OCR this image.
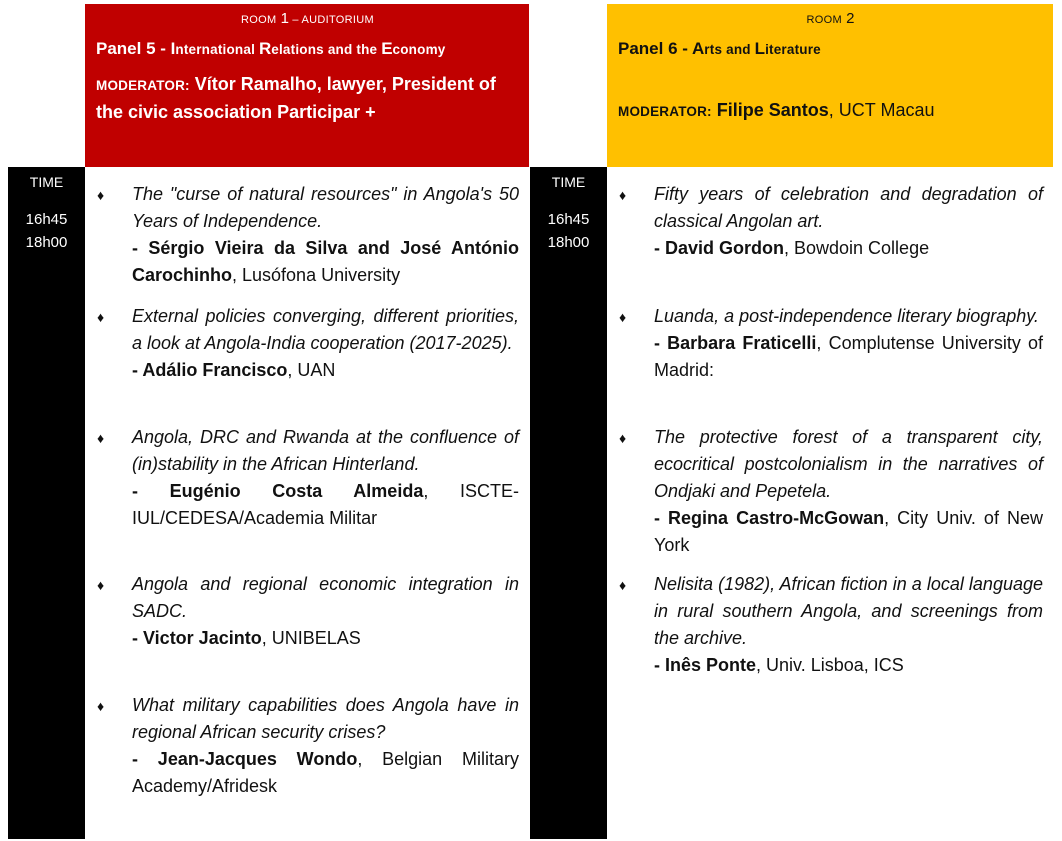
ROOM 1 – AUDITORIUM
Panel 5 - International Relations and the Economy
MODERATOR: Vítor Ramalho, lawyer, President of the civic association Participar +
ROOM 2
Panel 6 - Arts and Literature
MODERATOR: Filipe Santos, UCT Macau
TIME
16h45
18h00
TIME
16h45
18h00
♦ The "curse of natural resources" in Angola's 50 Years of Independence.
- Sérgio Vieira da Silva and José António Carochinho, Lusófona University
♦ External policies converging, different priorities, a look at Angola-India cooperation (2017-2025).
- Adálio Francisco, UAN
♦ Angola, DRC and Rwanda at the confluence of (in)stability in the African Hinterland.
- Eugénio Costa Almeida, ISCTE-IUL/CEDESA/Academia Militar
♦ Angola and regional economic integration in SADC.
- Victor Jacinto, UNIBELAS
♦ What military capabilities does Angola have in regional African security crises?
- Jean-Jacques Wondo, Belgian Military Academy/Afridesk
♦ Fifty years of celebration and degradation of classical Angolan art.
- David Gordon, Bowdoin College
♦ Luanda, a post-independence literary biography.
- Barbara Fraticelli, Complutense University of Madrid:
♦ The protective forest of a transparent city, ecocritical postcolonialism in the narratives of Ondjaki and Pepetela.
- Regina Castro-McGowan, City Univ. of New York
♦ Nelisita (1982), African fiction in a local language in rural southern Angola, and screenings from the archive.
- Inês Ponte, Univ. Lisboa, ICS
